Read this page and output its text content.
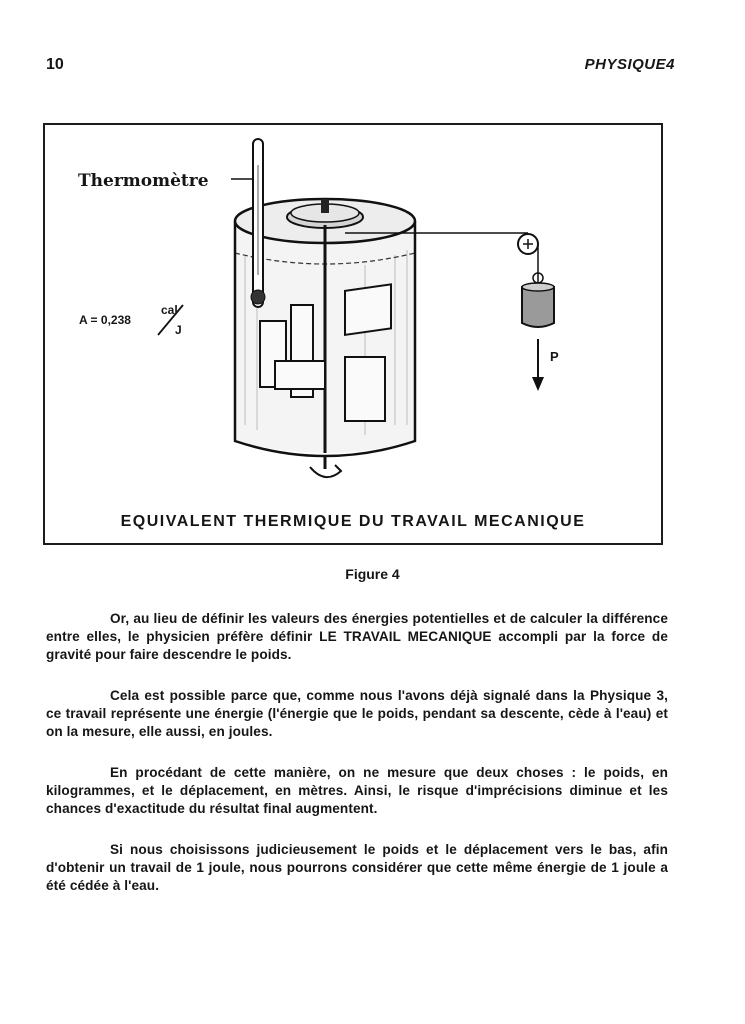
10	PHYSIQUE4
Thermomètre
A = 0,238
cal
J
P
EQUIVALENT THERMIQUE DU TRAVAIL MECANIQUE
Figure 4

Or, au lieu de définir les valeurs des énergies potentielles et de calculer la différence entre elles, le physicien préfère définir LE TRAVAIL MECANIQUE accompli par la force de gravité pour faire descendre le poids.

Cela est possible parce que, comme nous l'avons déjà signalé dans la Physique 3, ce travail représente une énergie (l'énergie que le poids, pendant sa descente, cède à l'eau) et on la mesure, elle aussi, en joules.

En procédant de cette manière, on ne mesure que deux choses : le poids, en kilogrammes, et le déplacement, en mètres. Ainsi, le risque d'imprécisions diminue et les chances d'exactitude du résultat final augmentent.

Si nous choisissons judicieusement le poids et le déplacement vers le bas, afin d'obtenir un travail de 1 joule, nous pourrons considérer que cette même énergie de 1 joule a été cédée à l'eau.
